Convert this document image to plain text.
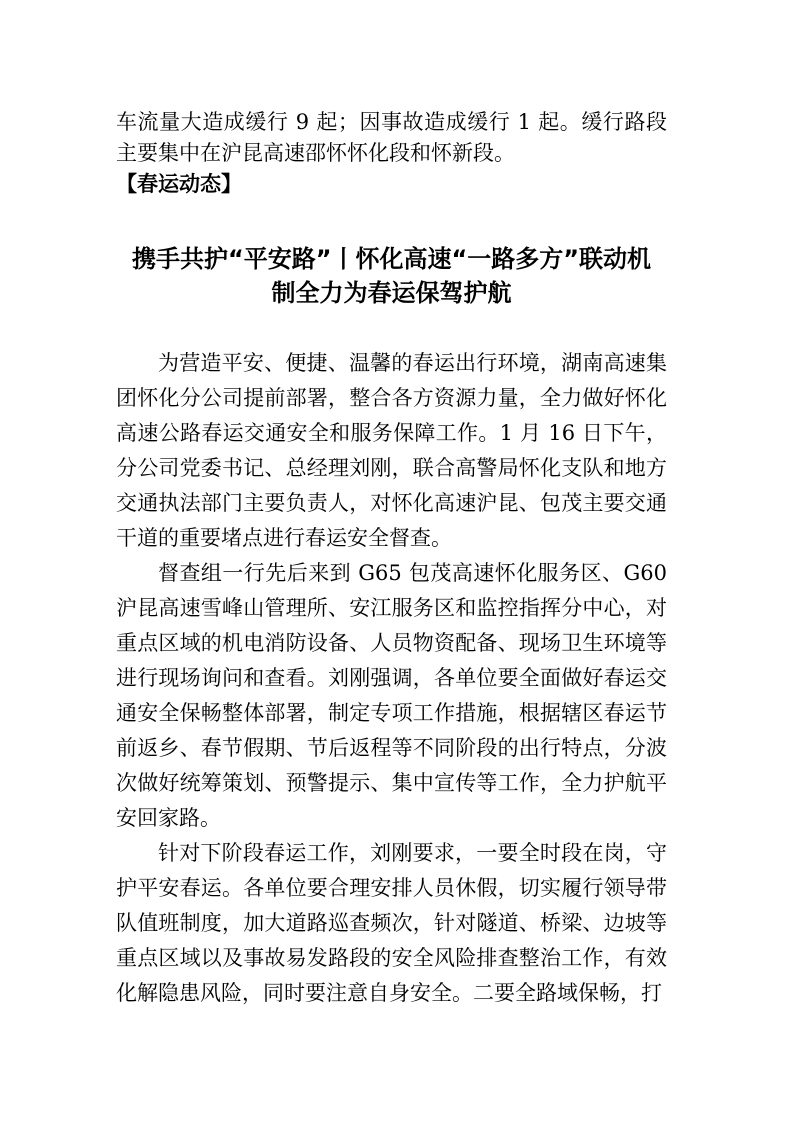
车流量大造成缓行 9 起；因事故造成缓行 1 起。缓行路段主要集中在沪昆高速邵怀怀化段和怀新段。

【春运动态】

携手共护“平安路”丨怀化高速“一路多方”联动机制全力为春运保驾护航

为营造平安、便捷、温馨的春运出行环境，湖南高速集团怀化分公司提前部署，整合各方资源力量，全力做好怀化高速公路春运交通安全和服务保障工作。1 月 16 日下午，分公司党委书记、总经理刘刚，联合高警局怀化支队和地方交通执法部门主要负责人，对怀化高速沪昆、包茂主要交通干道的重要堵点进行春运安全督查。

督查组一行先后来到 G65 包茂高速怀化服务区、G60 沪昆高速雪峰山管理所、安江服务区和监控指挥分中心，对重点区域的机电消防设备、人员物资配备、现场卫生环境等进行现场询问和查看。刘刚强调，各单位要全面做好春运交通安全保畅整体部署，制定专项工作措施，根据辖区春运节前返乡、春节假期、节后返程等不同阶段的出行特点，分波次做好统筹策划、预警提示、集中宣传等工作，全力护航平安回家路。

针对下阶段春运工作，刘刚要求，一要全时段在岗，守护平安春运。各单位要合理安排人员休假，切实履行领导带队值班制度，加大道路巡查频次，针对隧道、桥梁、边坡等重点区域以及事故易发路段的安全风险排查整治工作，有效化解隐患风险，同时要注意自身安全。二要全路域保畅，打
